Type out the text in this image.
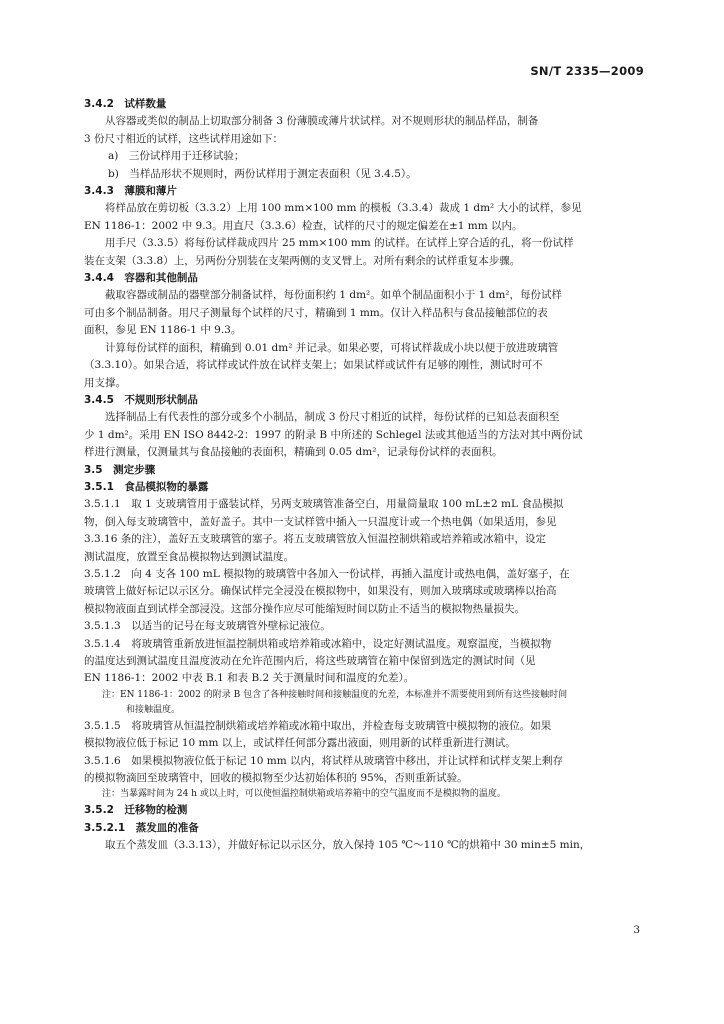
SN/T 2335—2009
3.4.2　试样数量
从容器或类似的制品上切取部分制备 3 份薄膜或薄片状试样。对不规则形状的制品样品，制备
3 份尺寸相近的试样，这些试样用途如下：
a)　三份试样用于迁移试验；
b)　当样品形状不规则时，两份试样用于测定表面积（见 3.4.5）。
3.4.3　薄膜和薄片
将样品放在剪切板（3.3.2）上用 100 mm×100 mm 的模板（3.3.4）裁成 1 dm² 大小的试样，参见
EN 1186-1：2002 中 9.3。用直尺（3.3.6）检查，试样的尺寸的规定偏差在±1 mm 以内。
用手尺（3.3.5）将每份试样裁成四片 25 mm×100 mm 的试样。在试样上穿合适的孔，将一份试样
装在支架（3.3.8）上，另两份分别装在支架两侧的支叉臂上。对所有剩余的试样重复本步骤。
3.4.4　容器和其他制品
截取容器或制品的器壁部分制备试样，每份面积约 1 dm²。如单个制品面积小于 1 dm²，每份试样
可由多个制品制备。用尺子测量每个试样的尺寸，精确到 1 mm。仅计入样品积与食品接触部位的表
面积，参见 EN 1186-1 中 9.3。
计算每份试样的面积，精确到 0.01 dm² 并记录。如果必要，可将试样裁成小块以便于放进玻璃管
（3.3.10）。如果合适，将试样或试件放在试样支架上；如果试样或试件有足够的刚性，测试时可不
用支撑。
3.4.5　不规则形状制品
选择制品上有代表性的部分或多个小制品，制成 3 份尺寸相近的试样，每份试样的已知总表面积至
少 1 dm²。采用 EN ISO 8442-2：1997 的附录 B 中所述的 Schlegel 法或其他适当的方法对其中两份试
样进行测量，仅测量其与食品接触的表面积，精确到 0.05 dm²，记录每份试样的表面积。
3.5　测定步骤
3.5.1　食品模拟物的暴露
3.5.1.1　取 1 支玻璃管用于盛装试样，另两支玻璃管准备空白，用量筒量取 100 mL±2 mL 食品模拟
物，倒入每支玻璃管中，盖好盖子。其中一支试样管中插入一只温度计或一个热电偶（如果适用，参见
3.3.16 条的注），盖好五支玻璃管的塞子。将五支玻璃管放入恒温控制烘箱或培养箱或冰箱中，设定
测试温度，放置至食品模拟物达到测试温度。
3.5.1.2　向 4 支各 100 mL 模拟物的玻璃管中各加入一份试样，再插入温度计或热电偶，盖好塞子，在
玻璃管上做好标记以示区分。确保试样完全浸没在模拟物中，如果没有，则加入玻璃球或玻璃棒以抬高
模拟物液面直到试样全部浸没。这部分操作应尽可能缩短时间以防止不适当的模拟物热量损失。
3.5.1.3　以适当的记号在每支玻璃管外壁标记液位。
3.5.1.4　将玻璃管重新放进恒温控制烘箱或培养箱或冰箱中，设定好测试温度。观察温度，当模拟物
的温度达到测试温度且温度波动在允许范围内后，将这些玻璃管在箱中保留到选定的测试时间（见
EN 1186-1：2002 中表 B.1 和表 B.2 关于测量时间和温度的允差）。
注：EN 1186-1：2002 的附录 B 包含了各种接触时间和接触温度的允差，本标准并不需要使用到所有这些接触时间
和接触温度。
3.5.1.5　将玻璃管从恒温控制烘箱或培养箱或冰箱中取出，并检查每支玻璃管中模拟物的液位。如果
模拟物液位低于标记 10 mm 以上，或试样任何部分露出液面，则用新的试样重新进行测试。
3.5.1.6　如果模拟物液位低于标记 10 mm 以内，将试样从玻璃管中移出，并让试样和试样支架上剩存
的模拟物滴回至玻璃管中，回收的模拟物至少达初始体积的 95%，否则重新试验。
注：当暴露时间为 24 h 或以上时，可以使恒温控制烘箱或培养箱中的空气温度而不是模拟物的温度。
3.5.2　迁移物的检测
3.5.2.1　蒸发皿的准备
取五个蒸发皿（3.3.13），并做好标记以示区分，放入保持 105 ℃～110 ℃的烘箱中 30 min±5 min，
3
